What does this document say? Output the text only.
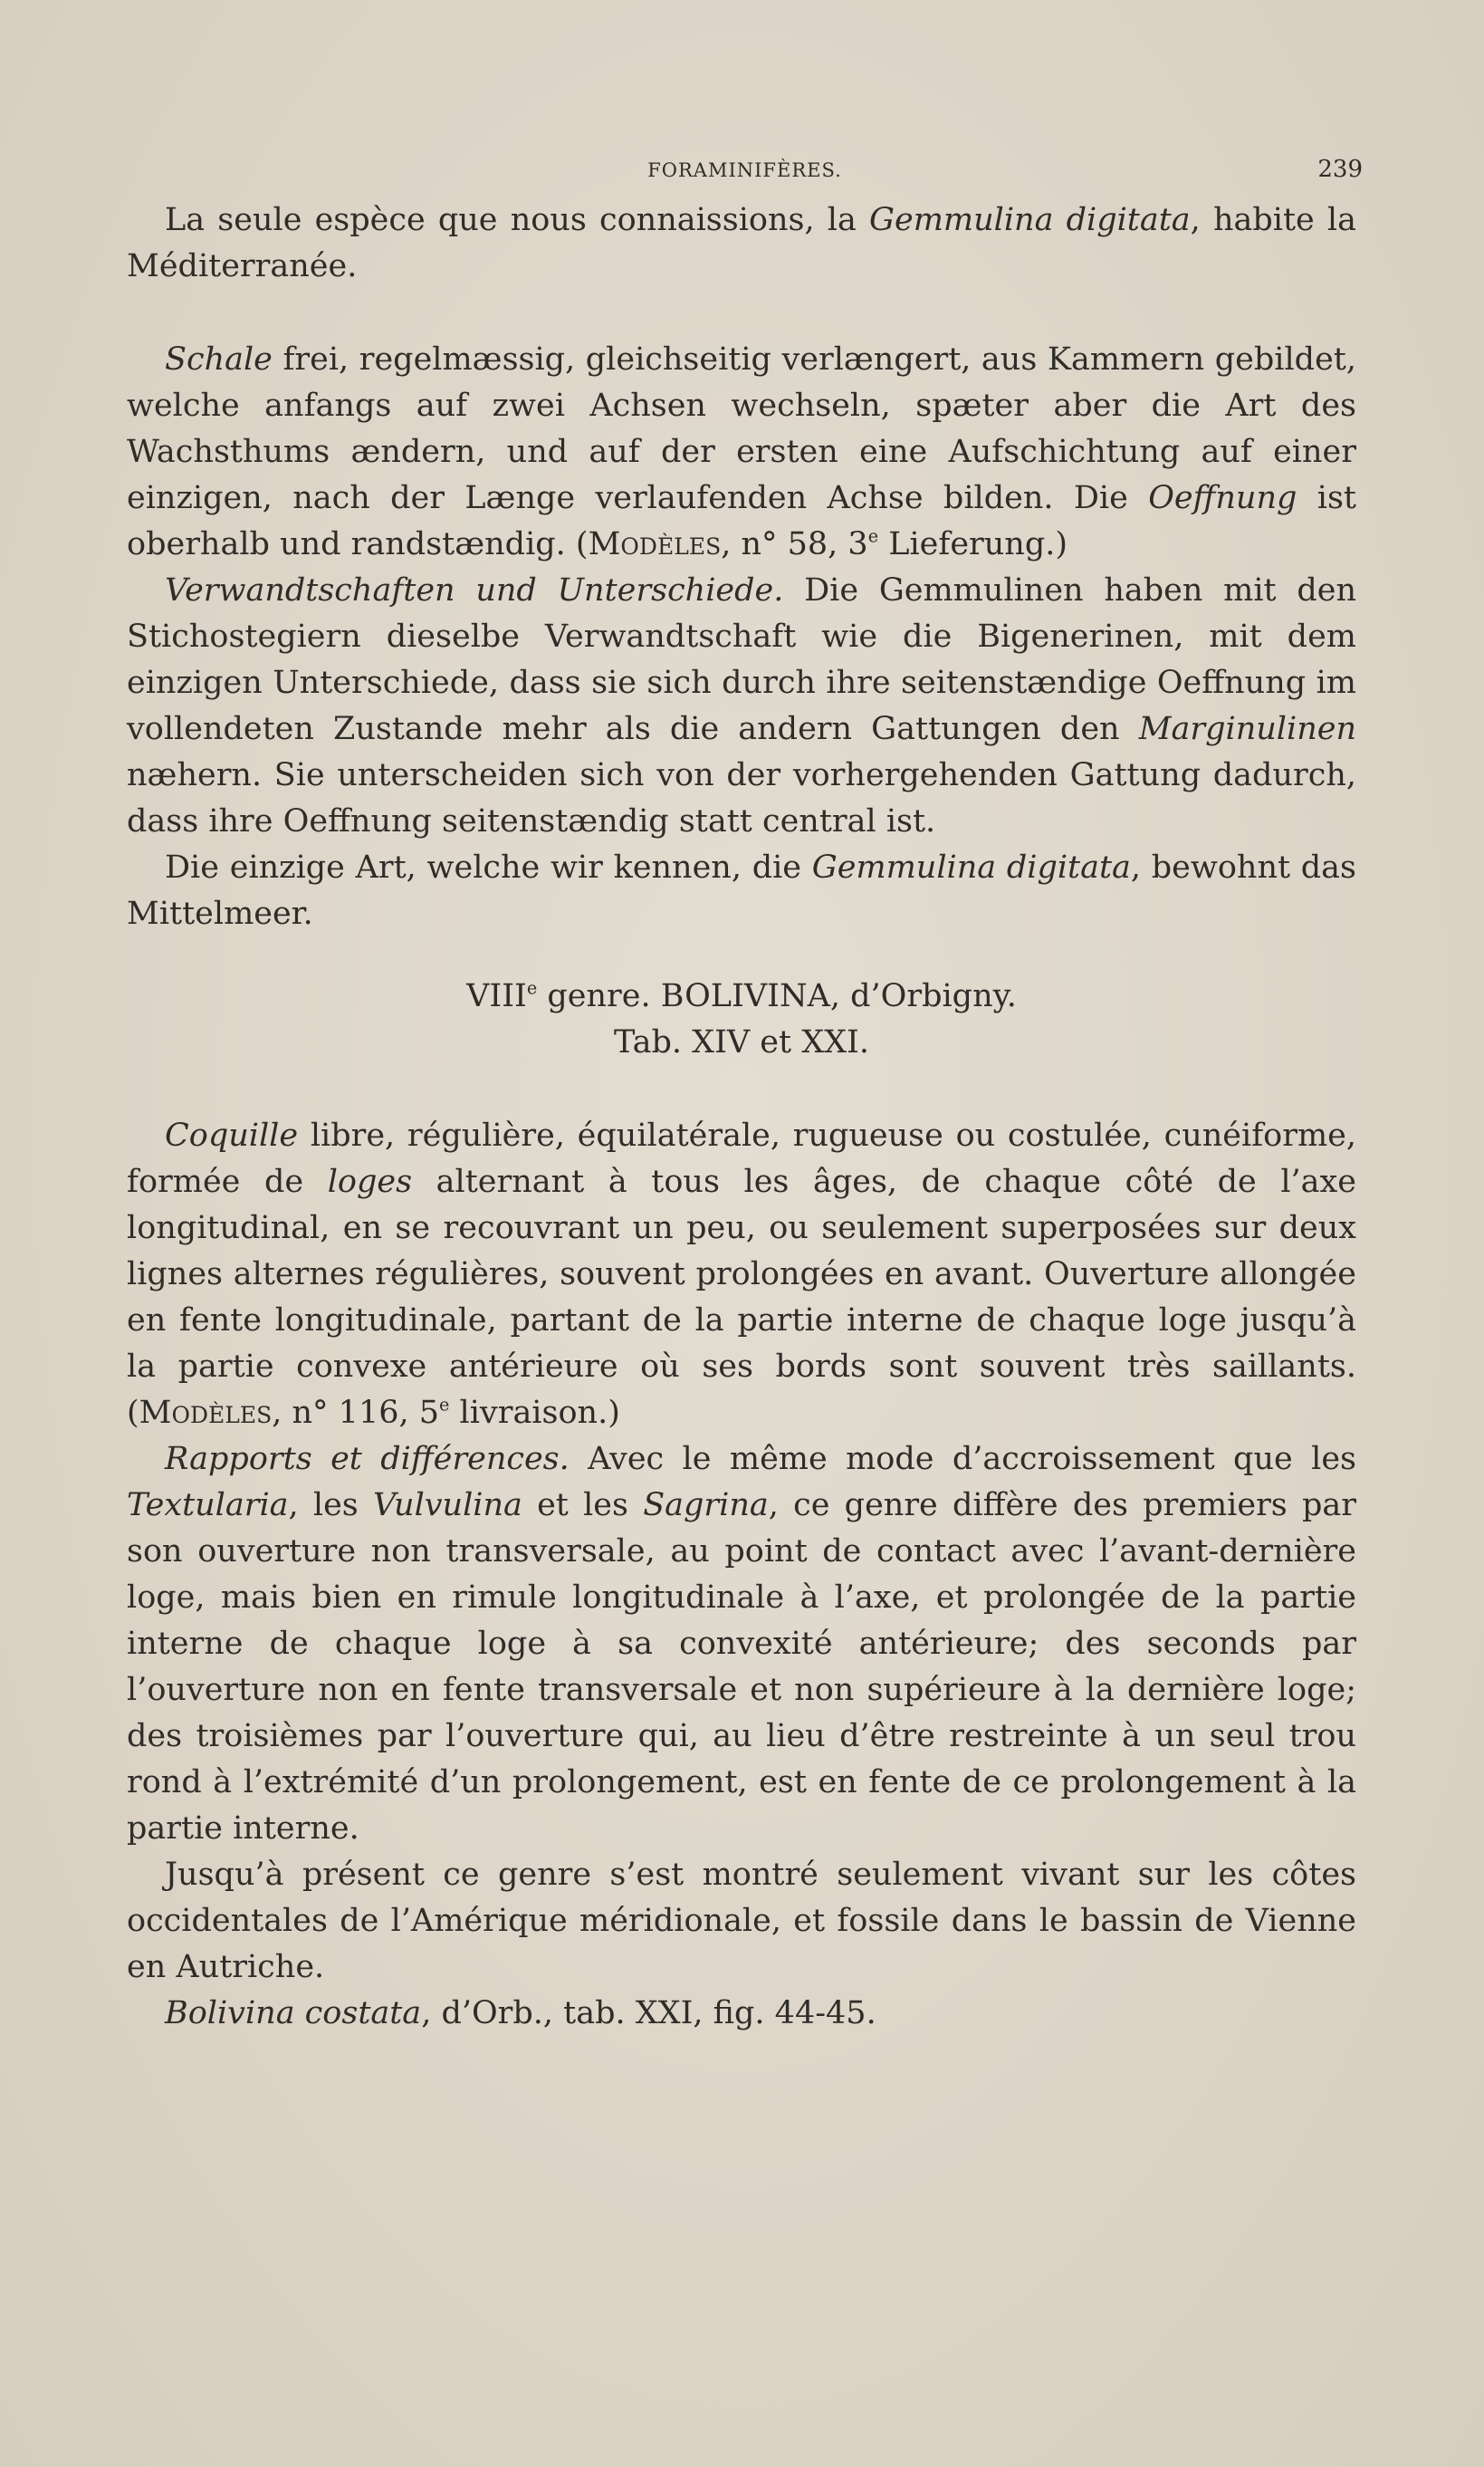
FORAMINIFÈRES.	239

La seule espèce que nous connaissions, la Gemmulina digitata, habite la Méditerranée.

Schale frei, regelmæssig, gleichseitig verlængert, aus Kammern gebildet, welche anfangs auf zwei Achsen wechseln, spæter aber die Art des Wachsthums ændern, und auf der ersten eine Aufschichtung auf einer einzigen, nach der Længe verlaufenden Achse bilden. Die Oeffnung ist oberhalb und randstændig. (Modèles, n° 58, 3e Lieferung.)

Verwandtschaften und Unterschiede. Die Gemmulinen haben mit den Stichostegiern dieselbe Verwandtschaft wie die Bigenerinen, mit dem einzigen Unterschiede, dass sie sich durch ihre seitenstændige Oeffnung im vollendeten Zustande mehr als die andern Gattungen den Marginulinen næhern. Sie unterscheiden sich von der vorhergehenden Gattung dadurch, dass ihre Oeffnung seitenstændig statt central ist.

Die einzige Art, welche wir kennen, die Gemmulina digitata, bewohnt das Mittelmeer.

VIIIe genre. BOLIVINA, d’Orbigny.

Tab. XIV et XXI.

Coquille libre, régulière, équilatérale, rugueuse ou costulée, cunéiforme, formée de loges alternant à tous les âges, de chaque côté de l’axe longitudinal, en se recouvrant un peu, ou seulement superposées sur deux lignes alternes régulières, souvent prolongées en avant. Ouverture allongée en fente longitudinale, partant de la partie interne de chaque loge jusqu’à la partie convexe antérieure où ses bords sont souvent très saillants. (Modèles, n° 116, 5e livraison.)

Rapports et différences. Avec le même mode d’accroissement que les Textularia, les Vulvulina et les Sagrina, ce genre diffère des premiers par son ouverture non transversale, au point de contact avec l’avant-dernière loge, mais bien en rimule longitudinale à l’axe, et prolongée de la partie interne de chaque loge à sa convexité antérieure; des seconds par l’ouverture non en fente transversale et non supérieure à la dernière loge; des troisièmes par l’ouverture qui, au lieu d’être restreinte à un seul trou rond à l’extrémité d’un prolongement, est en fente de ce prolongement à la partie interne.

Jusqu’à présent ce genre s’est montré seulement vivant sur les côtes occidentales de l’Amérique méridionale, et fossile dans le bassin de Vienne en Autriche.

Bolivina costata, d’Orb., tab. XXI, fig. 44-45.
